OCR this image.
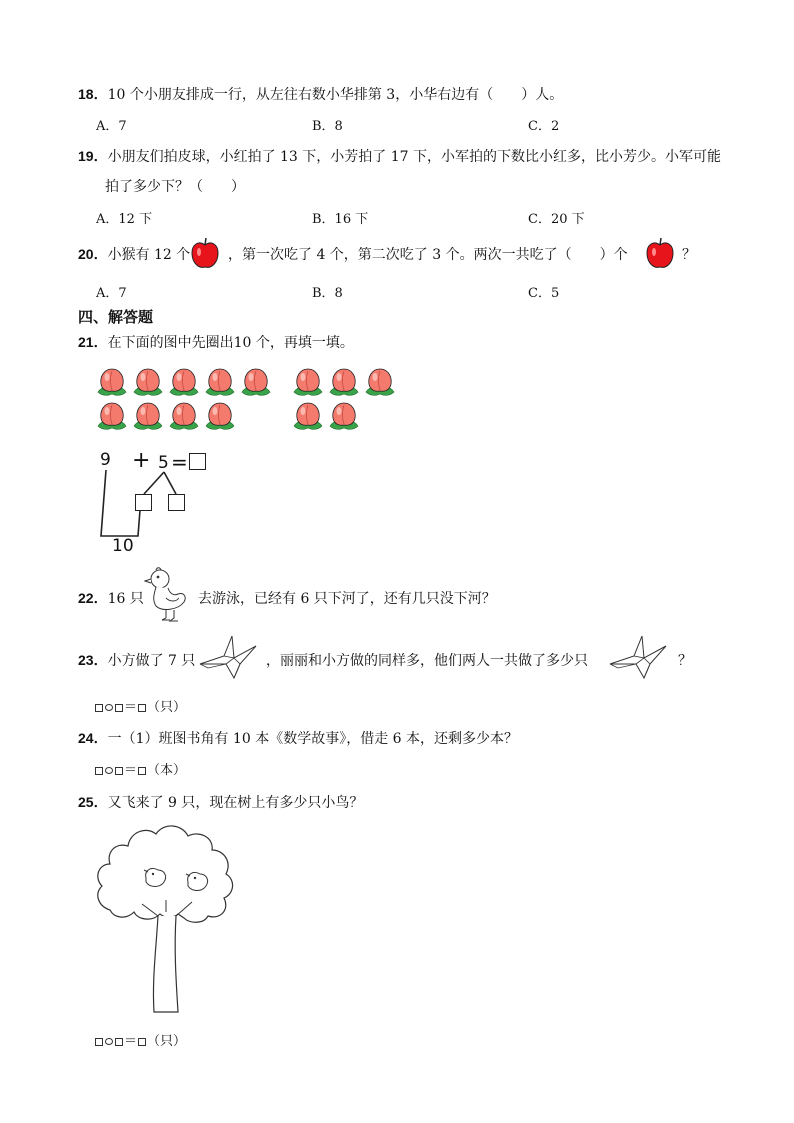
18．10 个小朋友排成一行，从左往右数小华排第 3，小华右边有（　　）人。
A．7	B．8	C．2
19．小朋友们拍皮球，小红拍了 13 下，小芳拍了 17 下，小军拍的下数比小红多，比小芳少。小军可能
拍了多少下？（　　）
A．12 下	B．16 下	C．20 下
20．小猴有 12 个	，第一次吃了 4 个，第二次吃了 3 个。两次一共吃了（　　）个	？
A．7	B．8	C．5
四、解答题
21．在下面的图中先圈出10 个，再填一填。
9 + 5 =
10
22．16 只	去游泳，已经有 6 只下河了，还有几只没下河？
23．小方做了 7 只	，丽丽和小方做的同样多，他们两人一共做了多少只	？
＝ （只）
24．一（1）班图书角有 10 本《数学故事》，借走 6 本，还剩多少本？
＝ （本）
25．又飞来了 9 只，现在树上有多少只小鸟？
＝ （只）
